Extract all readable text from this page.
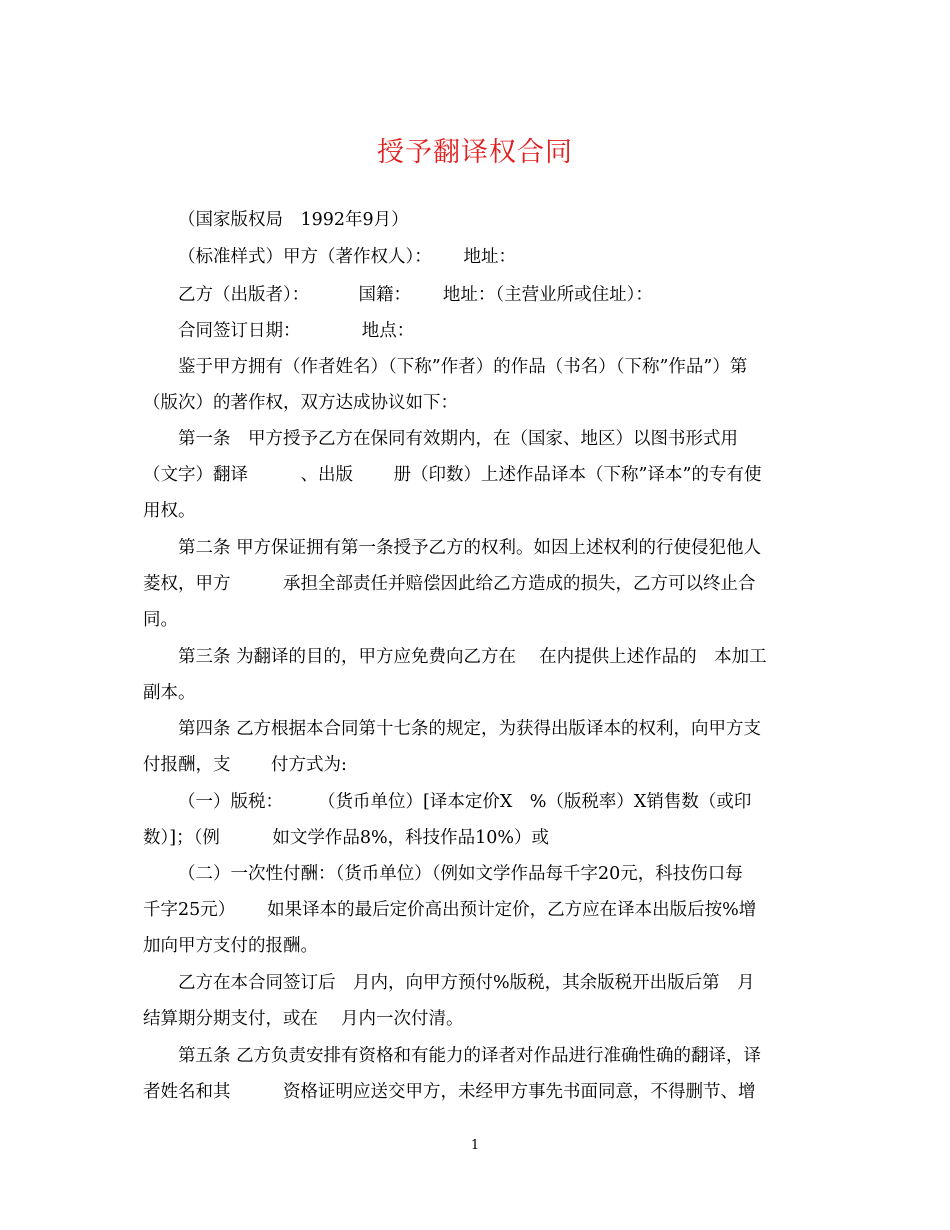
授予翻译权合同
（国家版权局　1992年9月）
（标准样式）甲方（著作权人）：　　 地址：
乙方（出版者）：　　　 国籍：　　 地址：（主营业所或住址）：
合同签订日期：　　　　地点：
鉴于甲方拥有（作者姓名）（下称”作者）的作品（书名）（下称”作品”）第
（版次）的著作权，双方达成协议如下：
第一条　甲方授予乙方在保同有效期内，在（国家、地区）以图书形式用
（文字）翻译　　　、出版　　 册（印数）上述作品译本（下称”译本”的专有使
用权。
第二条 甲方保证拥有第一条授予乙方的权利。如因上述权利的行使侵犯他人
菱权，甲方　　　承担全部责任并赔偿因此给乙方造成的损失，乙方可以终止合
同。
第三条 为翻译的目的，甲方应免费向乙方在　 在内提供上述作品的　本加工
副本。
第四条 乙方根据本合同第十七条的规定，为获得出版译本的权利，向甲方支
付报酬，支　　 付方式为:
（一）版税：　　　（货币单位）[译本定价X　%（版税率）X销售数（或印
数）]；（例　　　如文学作品8%，科技作品10%）或
（二）一次性付酬：（货币单位）（例如文学作品每千字20元，科技伤口每
千字25元）　　 如果译本的最后定价高出预计定价，乙方应在译本出版后按%增
加向甲方支付的报酬。
乙方在本合同签订后　月内，向甲方预付%版税，其余版税开出版后第　月
结算期分期支付，或在　 月内一次付清。
第五条 乙方负责安排有资格和有能力的译者对作品进行准确性确的翻译，译
者姓名和其　　　资格证明应送交甲方，未经甲方事先书面同意，不得删节、增
1
